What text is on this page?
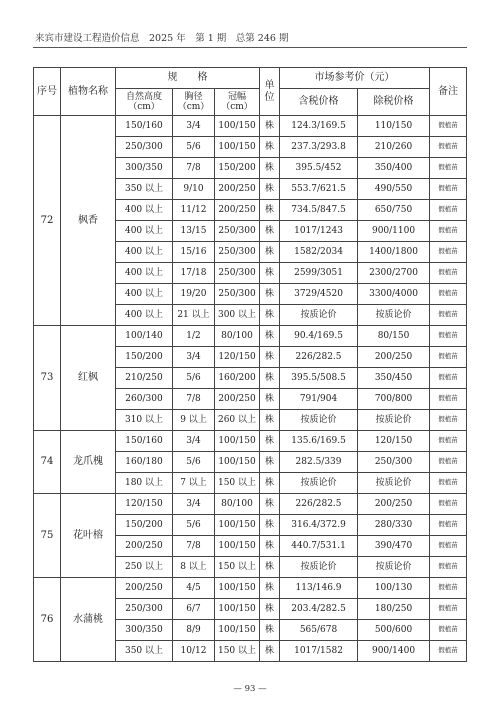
来宾市建设工程造价信息　2025 年　第 1 期　总第 246 期
序号	植物名称	规　　格			单位	市场参考价（元）		备注
		自然高度（cm）	胸径（cm）	冠幅（cm）		含税价格	除税价格	
72	枫香	150/160	3/4	100/150	株	124.3/169.5	110/150	假植苗
		250/300	5/6	100/150	株	237.3/293.8	210/260	假植苗
		300/350	7/8	150/200	株	395.5/452	350/400	假植苗
		350 以上	9/10	200/250	株	553.7/621.5	490/550	假植苗
		400 以上	11/12	200/250	株	734.5/847.5	650/750	假植苗
		400 以上	13/15	250/300	株	1017/1243	900/1100	假植苗
		400 以上	15/16	250/300	株	1582/2034	1400/1800	假植苗
		400 以上	17/18	250/300	株	2599/3051	2300/2700	假植苗
		400 以上	19/20	250/300	株	3729/4520	3300/4000	假植苗
		400 以上	21 以上	300 以上	株	按质论价	按质论价	假植苗
73	红枫	100/140	1/2	80/100	株	90.4/169.5	80/150	假植苗
		150/200	3/4	120/150	株	226/282.5	200/250	假植苗
		210/250	5/6	160/200	株	395.5/508.5	350/450	假植苗
		260/300	7/8	200/250	株	791/904	700/800	假植苗
		310 以上	9 以上	260 以上	株	按质论价	按质论价	假植苗
74	龙爪槐	150/160	3/4	100/150	株	135.6/169.5	120/150	假植苗
		160/180	5/6	100/150	株	282.5/339	250/300	假植苗
		180 以上	7 以上	150 以上	株	按质论价	按质论价	假植苗
75	花叶榕	120/150	3/4	80/100	株	226/282.5	200/250	假植苗
		150/200	5/6	100/150	株	316.4/372.9	280/330	假植苗
		200/250	7/8	100/150	株	440.7/531.1	390/470	假植苗
		250 以上	8 以上	150 以上	株	按质论价	按质论价	假植苗
76	水蒲桃	200/250	4/5	100/150	株	113/146.9	100/130	假植苗
		250/300	6/7	100/150	株	203.4/282.5	180/250	假植苗
		300/350	8/9	100/150	株	565/678	500/600	假植苗
		350 以上	10/12	150 以上	株	1017/1582	900/1400	假植苗
— 93 —
